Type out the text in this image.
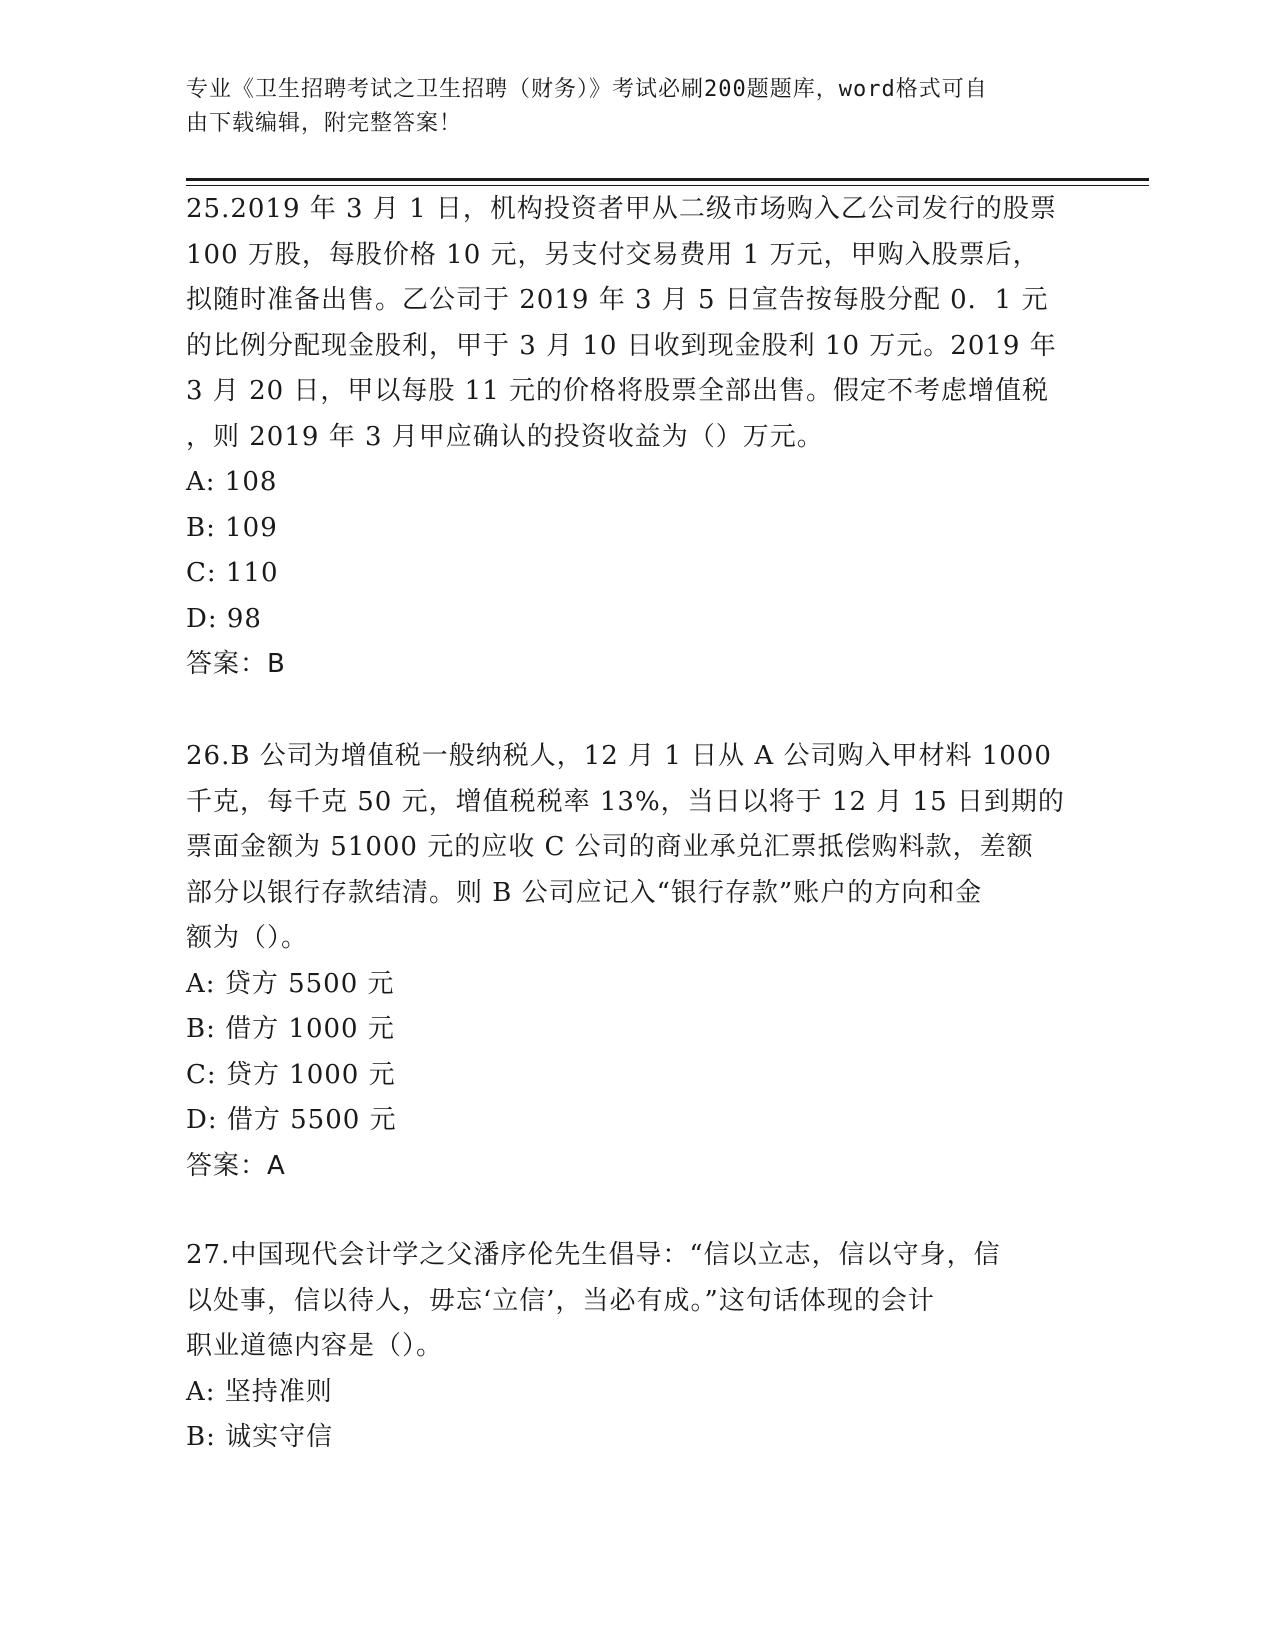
专业《卫生招聘考试之卫生招聘（财务）》考试必刷200题题库，word格式可自
由下载编辑，附完整答案！
25.2019 年 3 月 1 日，机构投资者甲从二级市场购入乙公司发行的股票
100 万股，每股价格 10 元，另支付交易费用 1 万元，甲购入股票后，
拟随时准备出售。乙公司于 2019 年 3 月 5 日宣告按每股分配 0．1 元
的比例分配现金股利，甲于 3 月 10 日收到现金股利 10 万元。2019 年
3 月 20 日，甲以每股 11 元的价格将股票全部出售。假定不考虑增值税
，则 2019 年 3 月甲应确认的投资收益为（）万元。
A: 108
B: 109
C: 110
D: 98
答案：B
26.B 公司为增值税一般纳税人，12 月 1 日从 A 公司购入甲材料 1000
千克，每千克 50 元，增值税税率 13%，当日以将于 12 月 15 日到期的
票面金额为 51000 元的应收 C 公司的商业承兑汇票抵偿购料款，差额
部分以银行存款结清。则 B 公司应记入“银行存款”账户的方向和金
额为（）。
A: 贷方 5500 元
B: 借方 1000 元
C: 贷方 1000 元
D: 借方 5500 元
答案：A
27.中国现代会计学之父潘序伦先生倡导：“信以立志，信以守身，信
以处事，信以待人，毋忘‘立信’，当必有成。”这句话体现的会计
职业道德内容是（）。
A: 坚持准则
B: 诚实守信
